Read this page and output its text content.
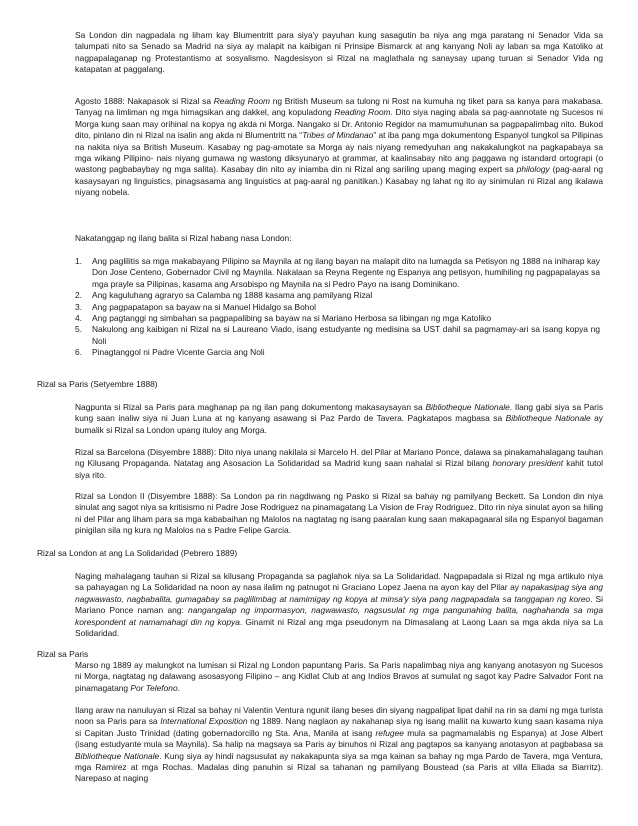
Sa London din nagpadala ng liham kay Blumentritt para siya'y payuhan kung sasagutin ba niya ang mga paratang ni Senador Vida sa talumpati nito sa Senado sa Madrid na siya ay malapit na kaibigan ni Prinsipe Bismarck at ang kanyang Noli ay laban sa mga Katoliko at nagpapalaganap ng Protestantismo at sosyalismo. Nagdesisyon si Rizal na maglathala ng sanaysay upang turuan si Senador Vida ng katapatan at paggalang.

Agosto 1888: Nakapasok si Rizal sa Reading Room ng British Museum sa tulong ni Rost na kumuha ng tiket para sa kanya para makabasa. Tanyag na limliman ng mga himagsikan ang dakkel, ang kopuladong Reading Room. Dito siya naging abala sa pag-aannotate ng Sucesos ni Morga kung saan may orihinal na kopya ng akda ni Morga. Nangako si Dr. Antonio Regidor na mamumuhunan sa pagpapalimbag nito. Bukod dito, pinlano din ni Rizal na isalin ang akda ni Blumentritt na “Tribes of Mindanao” at iba pang mga dokumentong Espanyol tungkol sa Pilipinas na nakita niya sa British Museum. Kasabay ng pag-amotate sa Morga ay nais niyang remedyuhan ang nakakalungkot na pagkapabaya sa mga wikang Pilipino- nais niyang gumawa ng wastong diksyunaryo at grammar, at kaalinsabay nito ang paggawa ng istandard ortograpi (o wastong pagbabaybay ng mga salita). Kasabay din nito ay iniamba din ni Rizal ang sariling upang maging expert sa philology (pag-aaral ng kasaysayan ng linguistics, pinagsasama ang linguistics at pag-aaral ng panitikan.) Kasabay ng lahat ng ito ay sinimulan ni Rizal ang ikalawa niyang nobela.

Nakatanggap ng ilang balita si Rizal habang nasa London:

1.	Ang paglilitis sa mga makabayang Pilipino sa Maynila at ng ilang bayan na malapit dito na lumagda sa Petisyon ng 1888 na iniharap kay Don Jose Centeno, Gobernador Civil ng Maynila. Nakalaan sa Reyna Regente ng Espanya ang petisyon, humihiling ng pagpapalayas sa mga prayle sa Pilipinas, kasama ang Arsobispo ng Maynila na si Pedro Payo na isang Dominikano.
2.	Ang kaguluhang agraryo sa Calamba ng 1888 kasama ang pamilyang Rizal
3.	Ang pagpapatapon sa bayaw na si Manuel Hidalgo sa Bohol
4.	Ang pagtanggi ng simbahan sa pagpapalibing sa bayaw na si Mariano Herbosa sa libingan ng mga Katoliko
5.	Nakulong ang kaibigan ni Rizal na si Laureano Viado, isang estudyante ng medisina sa UST dahil sa pagmamay-ari sa isang kopya ng Noli
6.	Pinagtanggol ni Padre Vicente Garcia ang Noli

Rizal sa Paris (Setyembre 1888)

Nagpunta si Rizal sa Paris para maghanap pa ng ilan pang dokumentong makasaysayan sa Bibliotheque Nationale. Ilang gabi siya sa Paris kung saan inaliw siya ni Juan Luna at ng kanyang asawang si Paz Pardo de Tavera. Pagkatapos magbasa sa Bibliotheque Nationale ay bumalik si Rizal sa London upang ituloy ang Morga.

Rizal sa Barcelona (Disyembre 1888): Dito niya unang nakilala si Marcelo H. del Pilar at Mariano Ponce, dalawa sa pinakamahalagang tauhan ng Kilusang Propaganda. Natatag ang Asosacion La Solidaridad sa Madrid kung saan nahalal si Rizal bilang honorary president kahit tutol siya rito.

Rizal sa London II (Disyembre 1888): Sa London pa rin nagdiwang ng Pasko si Rizal sa bahay ng pamilyang Beckett. Sa London din niya sinulat ang sagot niya sa kritisismo ni Padre Jose Rodriguez na pinamagatang La Vision de Fray Rodriguez. Dito rin niya sinulat ayon sa hiling ni del Pilar ang liham para sa mga kababaihan ng Malolos na nagtatag ng isang paaralan kung saan makapagaaral sila ng Espanyol bagaman pinigilan sila ng kura ng Malolos na s Padre Felipe Garcia.

Rizal sa London at ang La Solidaridad (Pebrero 1889)

Naging mahalagang tauhan si Rizal sa kilusang Propaganda sa paglahok niya sa La Solidaridad. Nagpapadala si Rizal ng mga artikulo niya sa pahayagan ng La Solidaridad na noon ay nasa ilalim ng patnugot ni Graciano Lopez Jaena na ayon kay del Pilar ay napakasipag siya ang nagwawasto, nagbabalita, gumagabay sa paglilimbag at namimigay ng kopya at minsa'y siya pang nagpapadala sa tanggapan ng koreo. Si Mariano Ponce naman ang: nangangalap ng impormasyon, nagwawasto, nagsusulat ng mga pangunahing balita, naghahanda sa mga korespondent at namamahagi din ng kopya. Ginamit ni Rizal ang mga pseudonym na Dimasalang at Laong Laan sa mga akda niya sa La Solidaridad.

Rizal sa Paris

Marso ng 1889 ay malungkot na lumisan si Rizal ng London papuntang Paris. Sa Paris napalimbag niya ang kanyang anotasyon ng Sucesos ni Morga, nagtatag ng dalawang asosasyong Filipino – ang Kidlat Club at ang Indios Bravos at sumulat ng sagot kay Padre Salvador Font na pinamagatang Por Telefono.

Ilang araw na nanuluyan si Rizal sa bahay ni Valentin Ventura ngunit ilang beses din siyang nagpalipat lipat dahil na rin sa dami ng mga turista noon sa Paris para sa International Exposition ng 1889. Nang naglaon ay nakahanap siya ng isang maliit na kuwarto kung saan kasama niya si Capitan Justo Trinidad (dating gobernadorcillo ng Sta. Ana, Manila at isang refugee mula sa pagmamalabis ng Espanya) at Jose Albert (isang estudyante mula sa Maynila). Sa halip na magsaya sa Paris ay binuhos ni Rizal ang pagtapos sa kanyang anotasyon at pagbabasa sa Bibliotheque Nationale. Kung siya ay hindi nagsusulat ay nakakapunta siya sa mga kainan sa bahay ng mga Pardo de Tavera, mga Ventura, mga Ramirez at mga Rochas. Madalas ding panuhin si Rizal sa tahanan ng pamilyang Boustead (sa Paris at villa Eliada sa Biarritz). Narepaso at naging
